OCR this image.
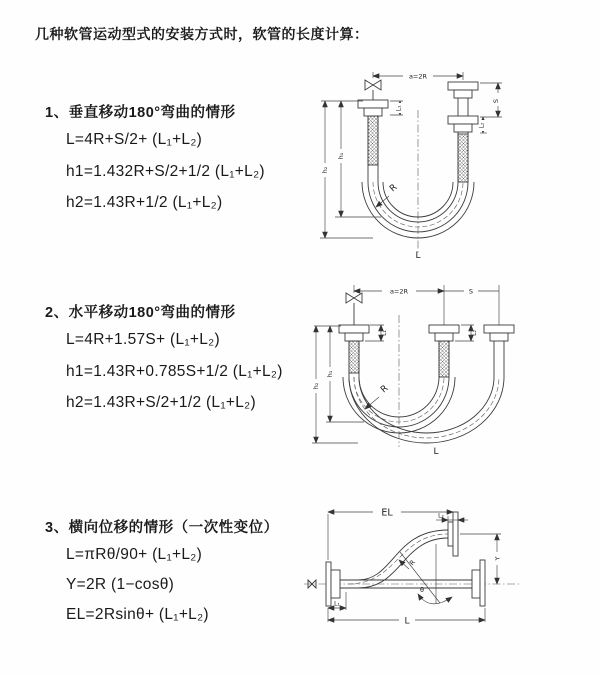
几种软管运动型式的安装方式时，软管的长度计算：
1、垂直移动180°弯曲的情形
L=4R+S/2+ (L₁+L₂)
h1=1.432R+S/2+1/2 (L₁+L₂)
h2=1.43R+1/2 (L₁+L₂)
2、水平移动180°弯曲的情形
L=4R+1.57S+ (L₁+L₂)
h1=1.43R+0.785S+1/2 (L₁+L₂)
h2=1.43R+S/2+1/2 (L₁+L₂)
3、横向位移的情形（一次性变位）
L=πRθ/90+ (L₁+L₂)
Y=2R (1−cosθ)
EL=2Rsinθ+ (L₁+L₂)
a=2R
S
L₁
L₂
h₁
h₂
R
L
a=2R	S
L₁	L₂
h₁
h₂	R
L
EL	L₂
Y
L
L₁
R
θ
